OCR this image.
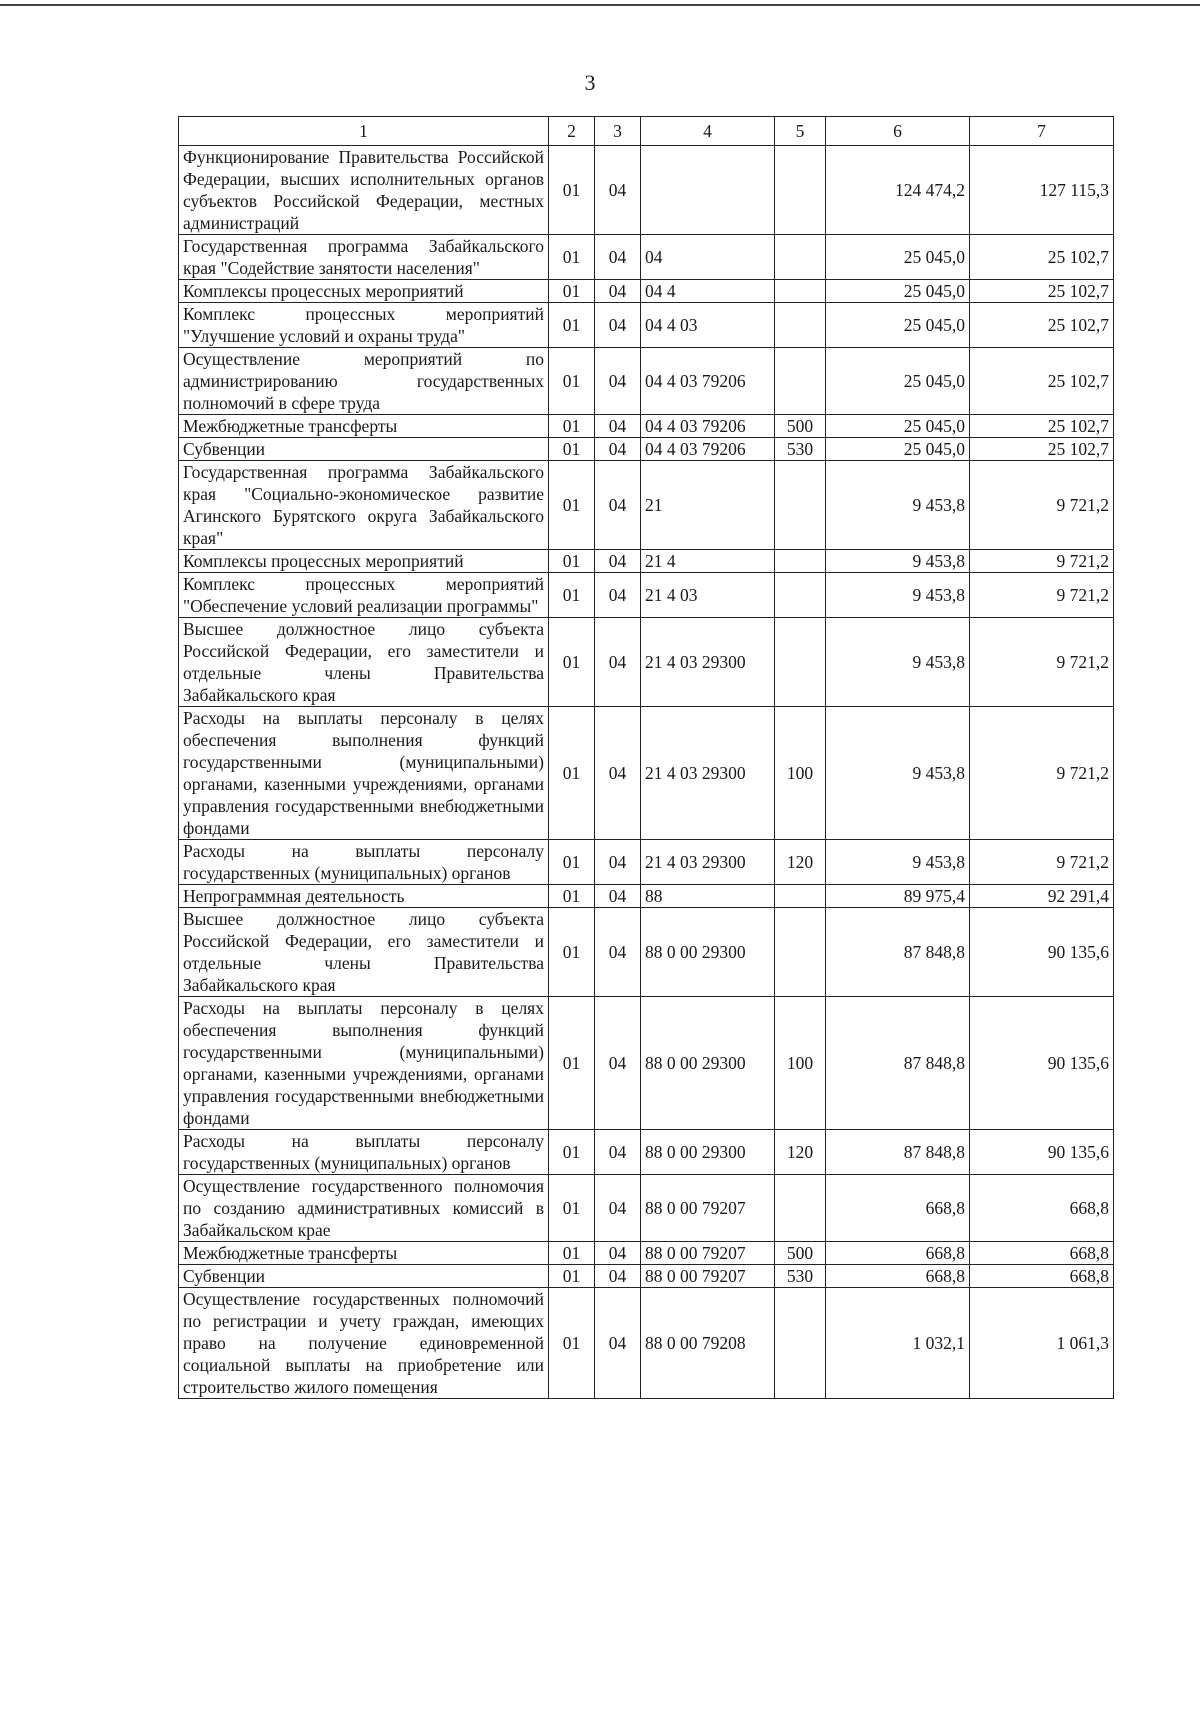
3
1	2	3	4	5	6	7
Функционирование Правительства Российской Федерации, высших исполнительных органов субъектов Российской Федерации, местных администраций	01	04			124 474,2	127 115,3
Государственная программа Забайкальского края "Содействие занятости населения"	01	04	04		25 045,0	25 102,7
Комплексы процессных мероприятий	01	04	04 4		25 045,0	25 102,7
Комплекс процессных мероприятий "Улучшение условий и охраны труда"	01	04	04 4 03		25 045,0	25 102,7
Осуществление мероприятий по администрированию государственных полномочий в сфере труда	01	04	04 4 03 79206		25 045,0	25 102,7
Межбюджетные трансферты	01	04	04 4 03 79206	500	25 045,0	25 102,7
Субвенции	01	04	04 4 03 79206	530	25 045,0	25 102,7
Государственная программа Забайкальского края "Социально-экономическое развитие Агинского Бурятского округа Забайкальского края"	01	04	21		9 453,8	9 721,2
Комплексы процессных мероприятий	01	04	21 4		9 453,8	9 721,2
Комплекс процессных мероприятий "Обеспечение условий реализации программы"	01	04	21 4 03		9 453,8	9 721,2
Высшее должностное лицо субъекта Российской Федерации, его заместители и отдельные члены Правительства Забайкальского края	01	04	21 4 03 29300		9 453,8	9 721,2
Расходы на выплаты персоналу в целях обеспечения выполнения функций государственными (муниципальными) органами, казенными учреждениями, органами управления государственными внебюджетными фондами	01	04	21 4 03 29300	100	9 453,8	9 721,2
Расходы на выплаты персоналу государственных (муниципальных) органов	01	04	21 4 03 29300	120	9 453,8	9 721,2
Непрограммная деятельность	01	04	88		89 975,4	92 291,4
Высшее должностное лицо субъекта Российской Федерации, его заместители и отдельные члены Правительства Забайкальского края	01	04	88 0 00 29300		87 848,8	90 135,6
Расходы на выплаты персоналу в целях обеспечения выполнения функций государственными (муниципальными) органами, казенными учреждениями, органами управления государственными внебюджетными фондами	01	04	88 0 00 29300	100	87 848,8	90 135,6
Расходы на выплаты персоналу государственных (муниципальных) органов	01	04	88 0 00 29300	120	87 848,8	90 135,6
Осуществление государственного полномочия по созданию административных комиссий в Забайкальском крае	01	04	88 0 00 79207		668,8	668,8
Межбюджетные трансферты	01	04	88 0 00 79207	500	668,8	668,8
Субвенции	01	04	88 0 00 79207	530	668,8	668,8
Осуществление государственных полномочий по регистрации и учету граждан, имеющих право на получение единовременной социальной выплаты на приобретение или строительство жилого помещения	01	04	88 0 00 79208		1 032,1	1 061,3
